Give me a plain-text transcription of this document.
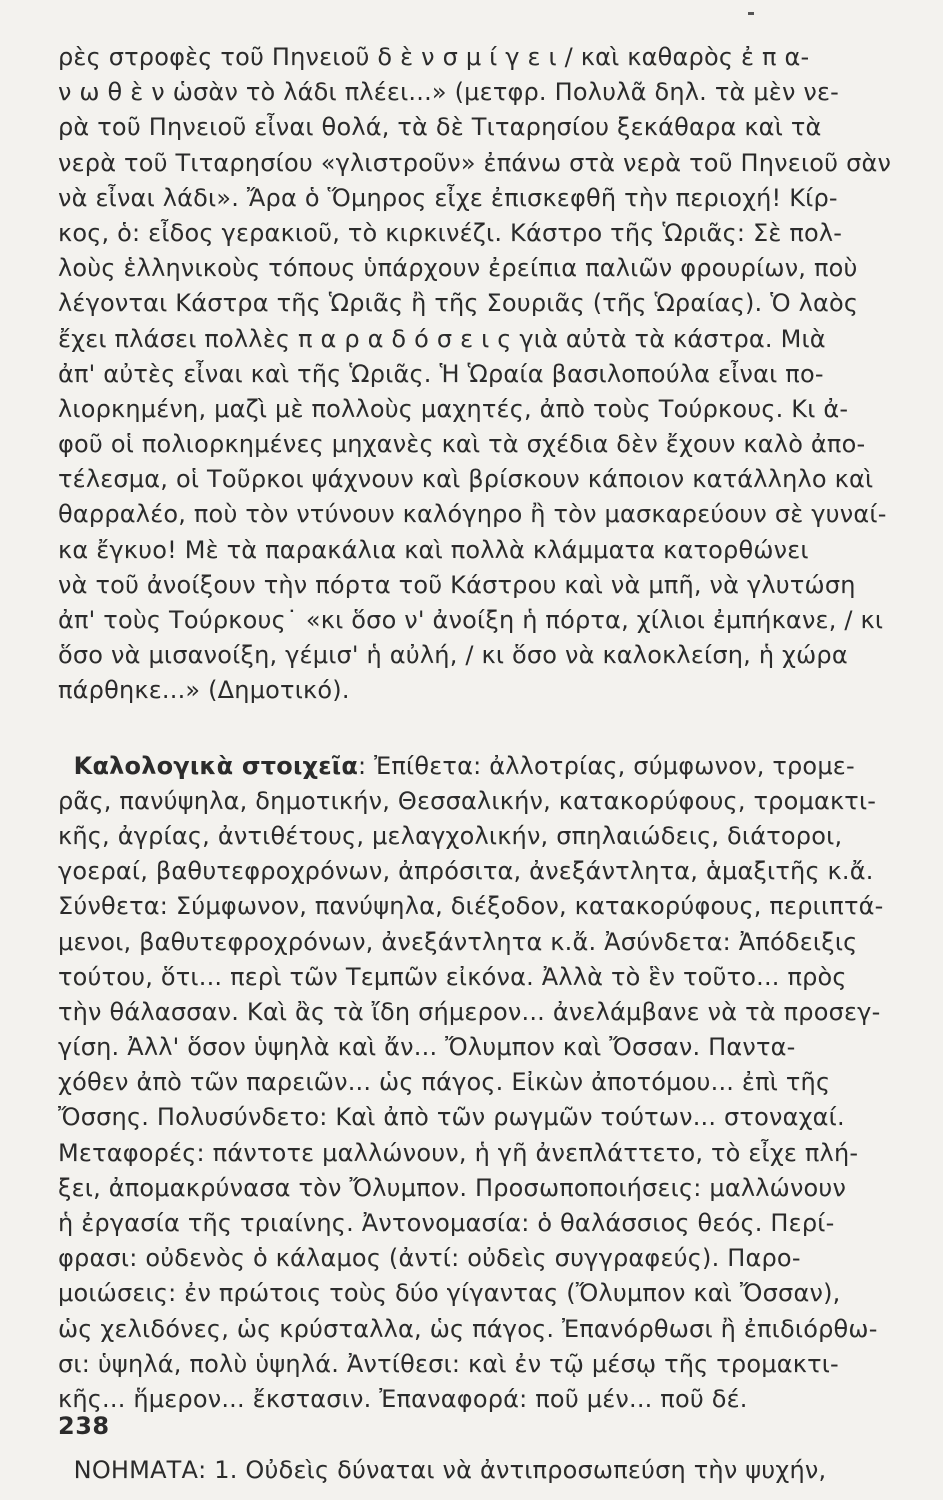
ρὲς στροφὲς τοῦ Πηνειοῦ δ ὲ ν σ μ ί γ ε ι / καὶ καθαρὸς ἐ π α-
ν ω θ ὲ ν ὡσὰν τὸ λάδι πλέει...» (μετφρ. Πολυλᾶ δηλ. τὰ μὲν νε-
ρὰ τοῦ Πηνειοῦ εἶναι θολά, τὰ δὲ Τιταρησίου ξεκάθαρα καὶ τὰ
νερὰ τοῦ Τιταρησίου «γλιστροῦν» ἐπάνω στὰ νερὰ τοῦ Πηνειοῦ σὰν
νὰ εἶναι λάδι». Ἄρα ὁ Ὅμηρος εἶχε ἐπισκεφθῆ τὴν περιοχή! Κίρ-
κος, ὁ: εἶδος γερακιοῦ, τὸ κιρκινέζι. Κάστρο τῆς Ὡριᾶς: Σὲ πολ-
λοὺς ἑλληνικοὺς τόπους ὑπάρχουν ἐρείπια παλιῶν φρουρίων, ποὺ
λέγονται Κάστρα τῆς Ὡριᾶς ἢ τῆς Σουριᾶς (τῆς Ὡραίας). Ὁ λαὸς
ἔχει πλάσει πολλὲς π α ρ α δ ό σ ε ι ς γιὰ αὐτὰ τὰ κάστρα. Μιὰ
ἀπ' αὐτὲς εἶναι καὶ τῆς Ὡριᾶς. Ἡ Ὡραία βασιλοπούλα εἶναι πο-
λιορκημένη, μαζὶ μὲ πολλοὺς μαχητές, ἀπὸ τοὺς Τούρκους. Κι ἀ-
φοῦ οἱ πολιορκημένες μηχανὲς καὶ τὰ σχέδια δὲν ἔχουν καλὸ ἀπο-
τέλεσμα, οἱ Τοῦρκοι ψάχνουν καὶ βρίσκουν κάποιον κατάλληλο καὶ
θαρραλέο, ποὺ τὸν ντύνουν καλόγηρο ἢ τὸν μασκαρεύουν σὲ γυναί-
κα ἔγκυο! Μὲ τὰ παρακάλια καὶ πολλὰ κλάμματα κατορθώνει
νὰ τοῦ ἀνοίξουν τὴν πόρτα τοῦ Κάστρου καὶ νὰ μπῆ, νὰ γλυτώση
ἀπ' τοὺς Τούρκους˙ «κι ὅσο ν' ἀνοίξη ἡ πόρτα, χίλιοι ἐμπήκανε, / κι
ὅσο νὰ μισανοίξη, γέμισ' ἡ αὐλή, / κι ὅσο νὰ καλοκλείση, ἡ χώρα
πάρθηκε...» (Δημοτικό).
Καλολογικὰ στοιχεῖα: Ἐπίθετα: ἀλλοτρίας, σύμφωνον, τρομε-
ρᾶς, πανύψηλα, δημοτικήν, Θεσσαλικήν, κατακορύφους, τρομακτι-
κῆς, ἀγρίας, ἀντιθέτους, μελαγχολικήν, σπηλαιώδεις, διάτοροι,
γοεραί, βαθυτεφροχρόνων, ἀπρόσιτα, ἀνεξάντλητα, ἁμαξιτῆς κ.ἄ.
Σύνθετα: Σύμφωνον, πανύψηλα, διέξοδον, κατακορύφους, περιιπτά-
μενοι, βαθυτεφροχρόνων, ἀνεξάντλητα κ.ἄ. Ἀσύνδετα: Ἀπόδειξις
τούτου, ὅτι... περὶ τῶν Τεμπῶν εἰκόνα. Ἀλλὰ τὸ ἓν τοῦτο... πρὸς
τὴν θάλασσαν. Καὶ ἂς τὰ ἴδη σήμερον... ἀνελάμβανε νὰ τὰ προσεγ-
γίση. Ἀλλ' ὅσον ὑψηλὰ καὶ ἄν... Ὄλυμπον καὶ Ὄσσαν. Παντα-
χόθεν ἀπὸ τῶν παρειῶν... ὡς πάγος. Εἰκὼν ἀποτόμου... ἐπὶ τῆς
Ὄσσης. Πολυσύνδετο: Καὶ ἀπὸ τῶν ρωγμῶν τούτων... στοναχαί.
Μεταφορές: πάντοτε μαλλώνουν, ἡ γῆ ἀνεπλάττετο, τὸ εἶχε πλή-
ξει, ἀπομακρύνασα τὸν Ὄλυμπον. Προσωποποιήσεις: μαλλώνουν
ἡ ἐργασία τῆς τριαίνης. Ἀντονομασία: ὁ θαλάσσιος θεός. Περί-
φρασι: οὐδενὸς ὁ κάλαμος (ἀντί: οὐδεὶς συγγραφεύς). Παρο-
μοιώσεις: ἐν πρώτοις τοὺς δύο γίγαντας (Ὄλυμπον καὶ Ὄσσαν),
ὡς χελιδόνες, ὡς κρύσταλλα, ὡς πάγος. Ἐπανόρθωσι ἢ ἐπιδιόρθω-
σι: ὑψηλά, πολὺ ὑψηλά. Ἀντίθεσι: καὶ ἐν τῷ μέσῳ τῆς τρομακτι-
κῆς... ἥμερον... ἔκστασιν. Ἐπαναφορά: ποῦ μέν... ποῦ δέ.
ΝΟΗΜΑΤΑ: 1. Οὐδεὶς δύναται νὰ ἀντιπροσωπεύση τὴν ψυχήν,
238
